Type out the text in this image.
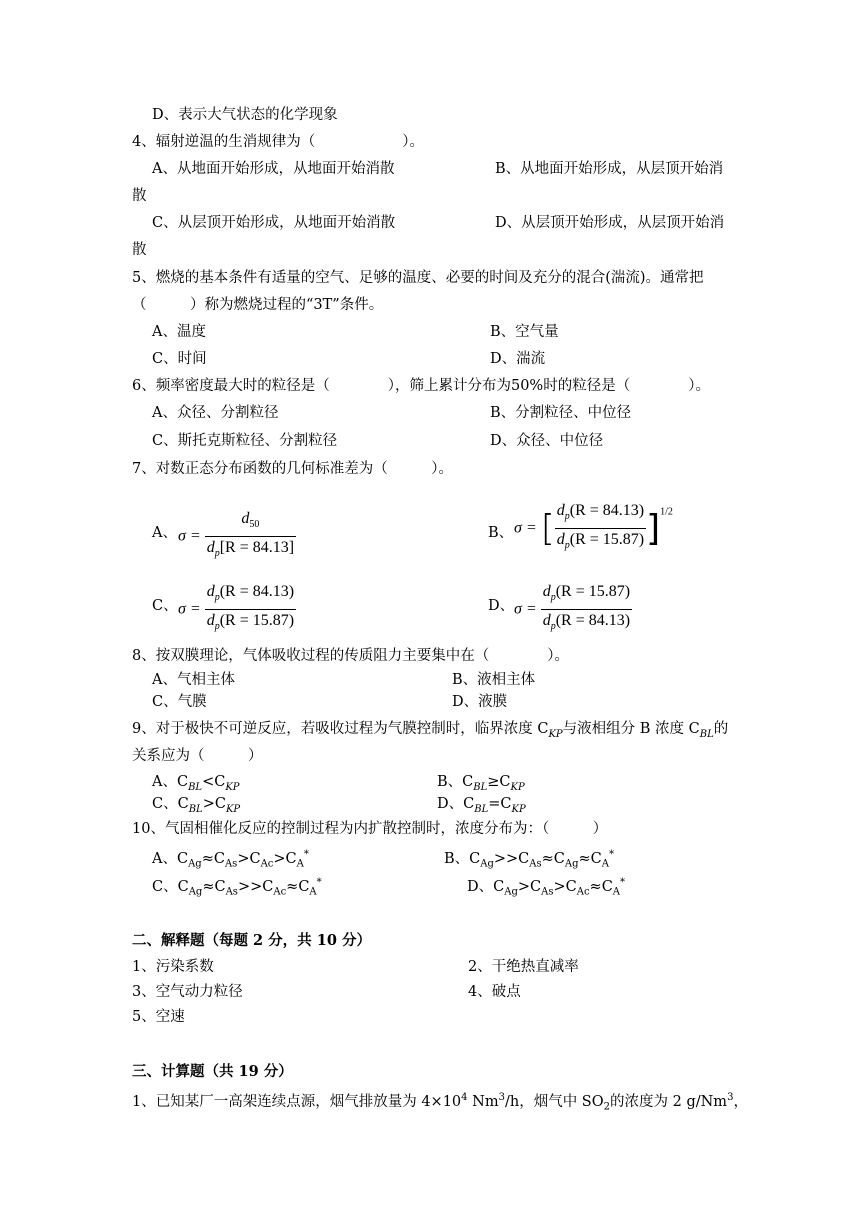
D、表示大气状态的化学现象
4、辐射逆温的生消规律为（　　　　　　）。
A、从地面开始形成，从地面开始消散	B、从地面开始形成，从层顶开始消
散
C、从层顶开始形成，从地面开始消散	D、从层顶开始形成，从层顶开始消
散
5、燃烧的基本条件有适量的空气、足够的温度、必要的时间及充分的混合(湍流)。通常把
（　　　）称为燃烧过程的“3T”条件。
A、温度	B、空气量
C、时间	D、湍流
6、频率密度最大时的粒径是（　　　　），筛上累计分布为50%时的粒径是（　　　　）。
A、众径、分割粒径	B、分割粒径、中位径
C、斯托克斯粒径、分割粒径	D、众径、中位径
7、对数正态分布函数的几何标准差为（　　　）。
A、 $\sigma = \frac{d_{50}}{d_p[R = 84.13]}$	B、 σ = [ $\frac{d_p(R = 84.13)}{d_p(R = 15.87)} ]^{1/2}$
C、 $\sigma = \frac{d_p(R = 84.13)}{d_p(R = 15.87)}$	D、 $\sigma = \frac{d_p(R = 15.87)}{d_p(R = 84.13)}$
8、按双膜理论，气体吸收过程的传质阻力主要集中在（　　　　）。
A、气相主体	B、液相主体
C、气膜	D、液膜
9、对于极快不可逆反应，若吸收过程为气膜控制时，临界浓度 $C_{KP}$与液相组分 B 浓度 $C_{BL}$的
关系应为（　　　）
A、$C_{BL}<C_{KP}$	B、$C_{BL}\ge C_{KP}$
C、$C_{BL}>C_{KP}$	D、$C_{BL}=C_{KP}$
10、气固相催化反应的控制过程为内扩散控制时，浓度分布为：（　　　）
A、$C_{Ag}\approx C_{As}>C_{Ac}>C_A^*$	B、$C_{Ag}>>C_{As}\approx C_{Ag}\approx C_A^*$
C、$C_{Ag}\approx C_{As}>>C_{Ac}\approx C_A^*$	D、$C_{Ag}>C_{As}>C_{Ac}\approx C_A^*$
二、解释题（每题 2 分，共 10 分）
1、污染系数	2、干绝热直减率
3、空气动力粒径	4、破点
5、空速
三、计算题（共 19 分）
1、已知某厂一高架连续点源，烟气排放量为 $4\times 10^4$ Nm$^3$/h，烟气中 $SO_2$的浓度为 2 g/Nm$^3$，
